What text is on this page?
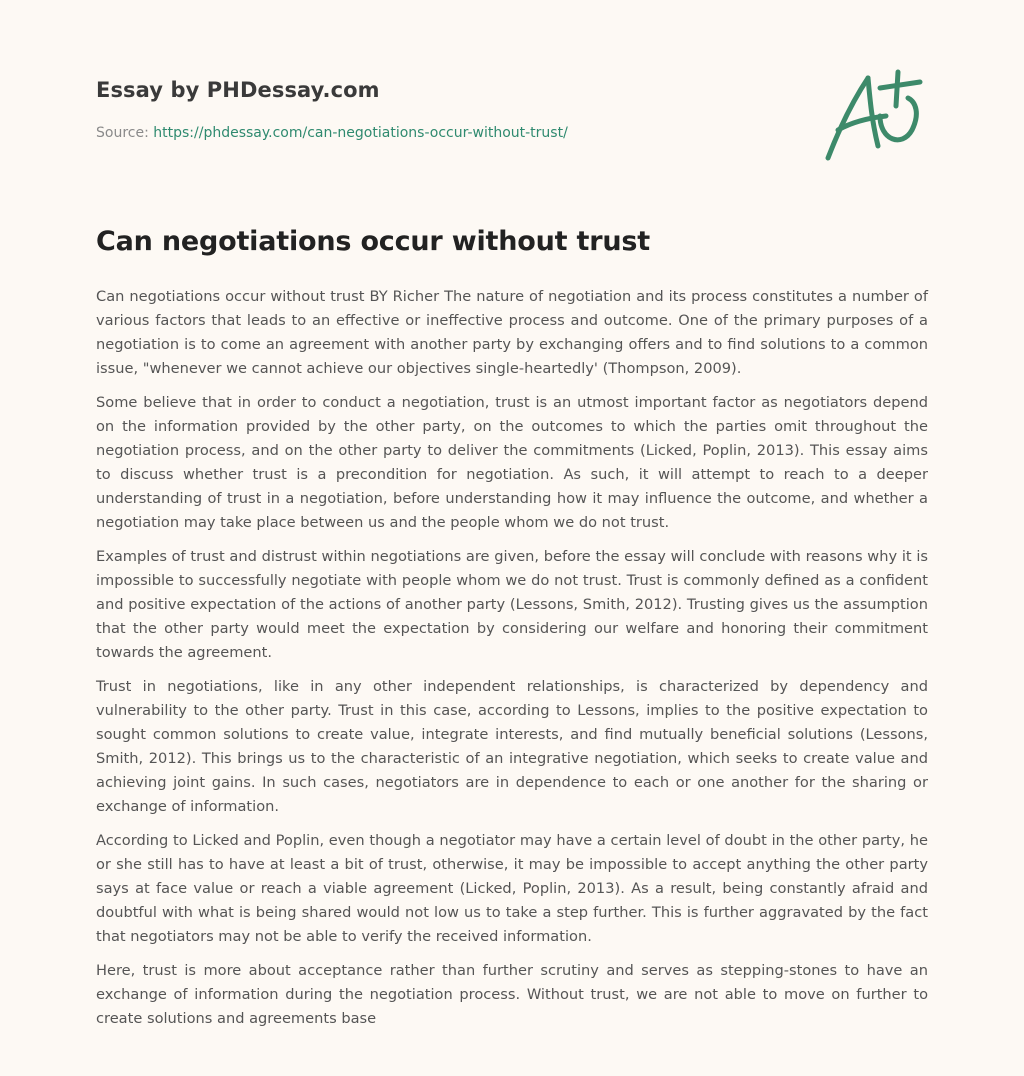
Essay by PHDessay.com

Source: https://phdessay.com/can-negotiations-occur-without-trust/

Can negotiations occur without trust

Can negotiations occur without trust BY Richer The nature of negotiation and its process constitutes a number of various factors that leads to an effective or ineffective process and outcome. One of the primary purposes of a negotiation is to come an agreement with another party by exchanging offers and to find solutions to a common issue, "whenever we cannot achieve our objectives single-heartedly' (Thompson, 2009).

Some believe that in order to conduct a negotiation, trust is an utmost important factor as negotiators depend on the information provided by the other party, on the outcomes to which the parties omit throughout the negotiation process, and on the other party to deliver the commitments (Licked, Poplin, 2013). This essay aims to discuss whether trust is a precondition for negotiation. As such, it will attempt to reach to a deeper understanding of trust in a negotiation, before understanding how it may influence the outcome, and whether a negotiation may take place between us and the people whom we do not trust.

Examples of trust and distrust within negotiations are given, before the essay will conclude with reasons why it is impossible to successfully negotiate with people whom we do not trust. Trust is commonly defined as a confident and positive expectation of the actions of another party (Lessons, Smith, 2012). Trusting gives us the assumption that the other party would meet the expectation by considering our welfare and honoring their commitment towards the agreement.

Trust in negotiations, like in any other independent relationships, is characterized by dependency and vulnerability to the other party. Trust in this case, according to Lessons, implies to the positive expectation to sought common solutions to create value, integrate interests, and find mutually beneficial solutions (Lessons, Smith, 2012). This brings us to the characteristic of an integrative negotiation, which seeks to create value and achieving joint gains. In such cases, negotiators are in dependence to each or one another for the sharing or exchange of information.

According to Licked and Poplin, even though a negotiator may have a certain level of doubt in the other party, he or she still has to have at least a bit of trust, otherwise, it may be impossible to accept anything the other party says at face value or reach a viable agreement (Licked, Poplin, 2013). As a result, being constantly afraid and doubtful with what is being shared would not low us to take a step further. This is further aggravated by the fact that negotiators may not be able to verify the received information.

Here, trust is more about acceptance rather than further scrutiny and serves as stepping-stones to have an exchange of information during the negotiation process. Without trust, we are not able to move on further to create solutions and agreements base
